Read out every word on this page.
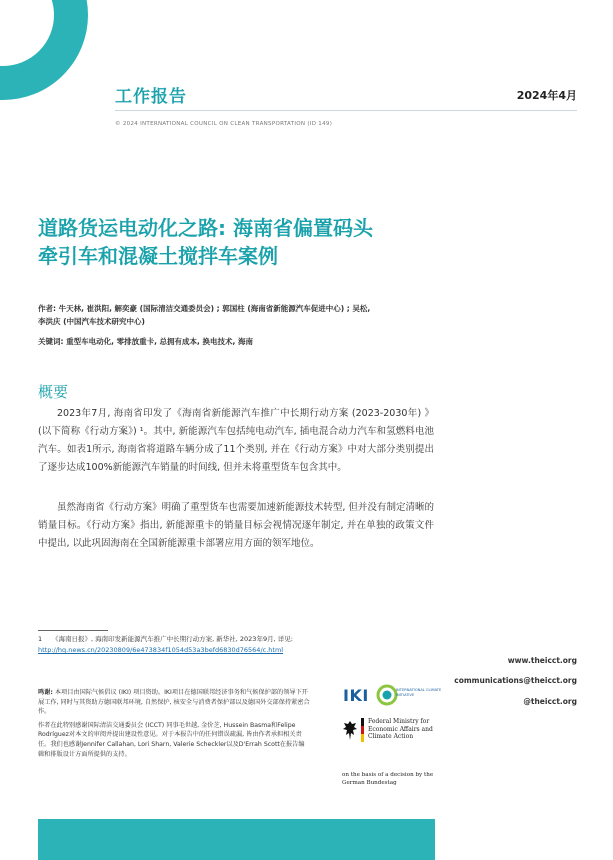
工作报告	2024年4月
© 2024 INTERNATIONAL COUNCIL ON CLEAN TRANSPORTATION (ID 149)
道路货运电动化之路: 海南省偏置码头
牵引车和混凝土搅拌车案例
作者: 牛天林, 崔洪阳, 解奕豪 (国际清洁交通委员会) ; 郭国柱 (海南省新能源汽车促进中心) ; 吴松,
李洪庆 (中国汽车技术研究中心)
关键词: 重型车电动化, 零排放重卡, 总拥有成本, 换电技术, 海南
概要
2023年7月, 海南省印发了《海南省新能源汽车推广中长期行动方案 (2023-2030年) 》(以下简称《行动方案》) ¹。其中, 新能源汽车包括纯电动汽车, 插电混合动力汽车和氢燃料电池汽车。如表1所示, 海南省将道路车辆分成了11个类别, 并在《行动方案》中对大部分类别提出了逐步达成100%新能源汽车销量的时间线, 但并未将重型货车包含其中。
虽然海南省《行动方案》明确了重型货车也需要加速新能源技术转型, 但并没有制定清晰的销量目标。《行动方案》指出, 新能源重卡的销量目标会视情况逐年制定, 并在单独的政策文件中提出, 以此巩固海南在全国新能源重卡部署应用方面的领军地位。
1 《海南日报》, 海南印发新能源汽车推广中长期行动方案, 新华社, 2023年9月, 详见: http://hq.news.cn/20230809/6e473834f1054d53a3befd6830d76564/c.html
www.theicct.org
communications@theicct.org
@theicct.org

鸣谢: 本项目由国际气候倡议 (IKI) 项目资助。IKI项目在德国联邦经济事务和气候保护部的领导下开展工作, 同时与其资助方德国联邦环境, 自然保护, 核安全与消费者保护部以及德国外交部保持紧密合作。

作者在此特别感谢国际清洁交通委员会 (ICCT) 同事毛世越, 金价芝, Hussein Basma和Felipe Rodríguez对本文的审阅并提出建设性意见。对于本报告中的任何错误疏漏, 皆由作者承担相关责任。我们也感谢Jennifer Callahan, Lori Sharn, Valerie Scheckler以及D'Errah Scott在报告编辑和排版设计方面所提供的支持。

IKI	INTERNATIONAL CLIMATE INITIATIVE
Federal Ministry for Economic Affairs and Climate Action
on the basis of a decision by the German Bundestag
